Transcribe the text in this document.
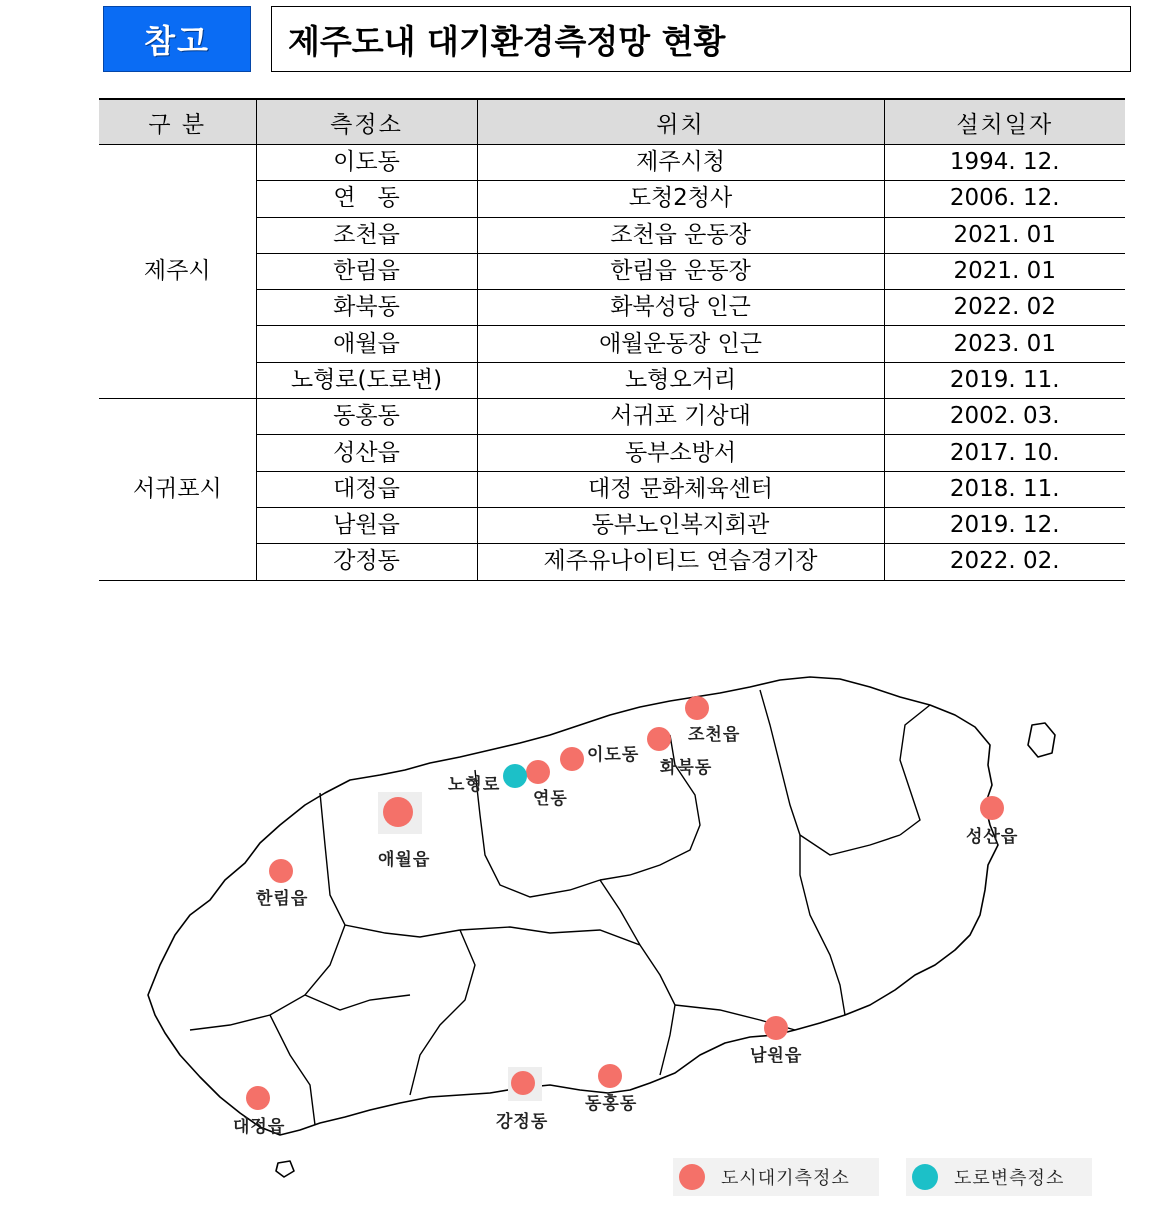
참고 제주도내 대기환경측정망 현황
구 분	측정소	위치	설치일자
제주시	이도동	제주시청	1994. 12.
	연   동	도청2청사	2006. 12.
	조천읍	조천읍 운동장	2021. 01
	한림읍	한림읍 운동장	2021. 01
	화북동	화북성당 인근	2022. 02
	애월읍	애월운동장 인근	2023. 01
	노형로(도로변)	노형오거리	2019. 11.
서귀포시	동홍동	서귀포 기상대	2002. 03.
	성산읍	동부소방서	2017. 10.
	대정읍	대정 문화체육센터	2018. 11.
	남원읍	동부노인복지회관	2019. 12.
	강정동	제주유나이티드 연습경기장	2022. 02.
조천읍
이도동
화북동
노형로
연동
애월읍
한림읍
성산읍
남원읍
강정동
동홍동
대정읍
도시대기측정소	도로변측정소
